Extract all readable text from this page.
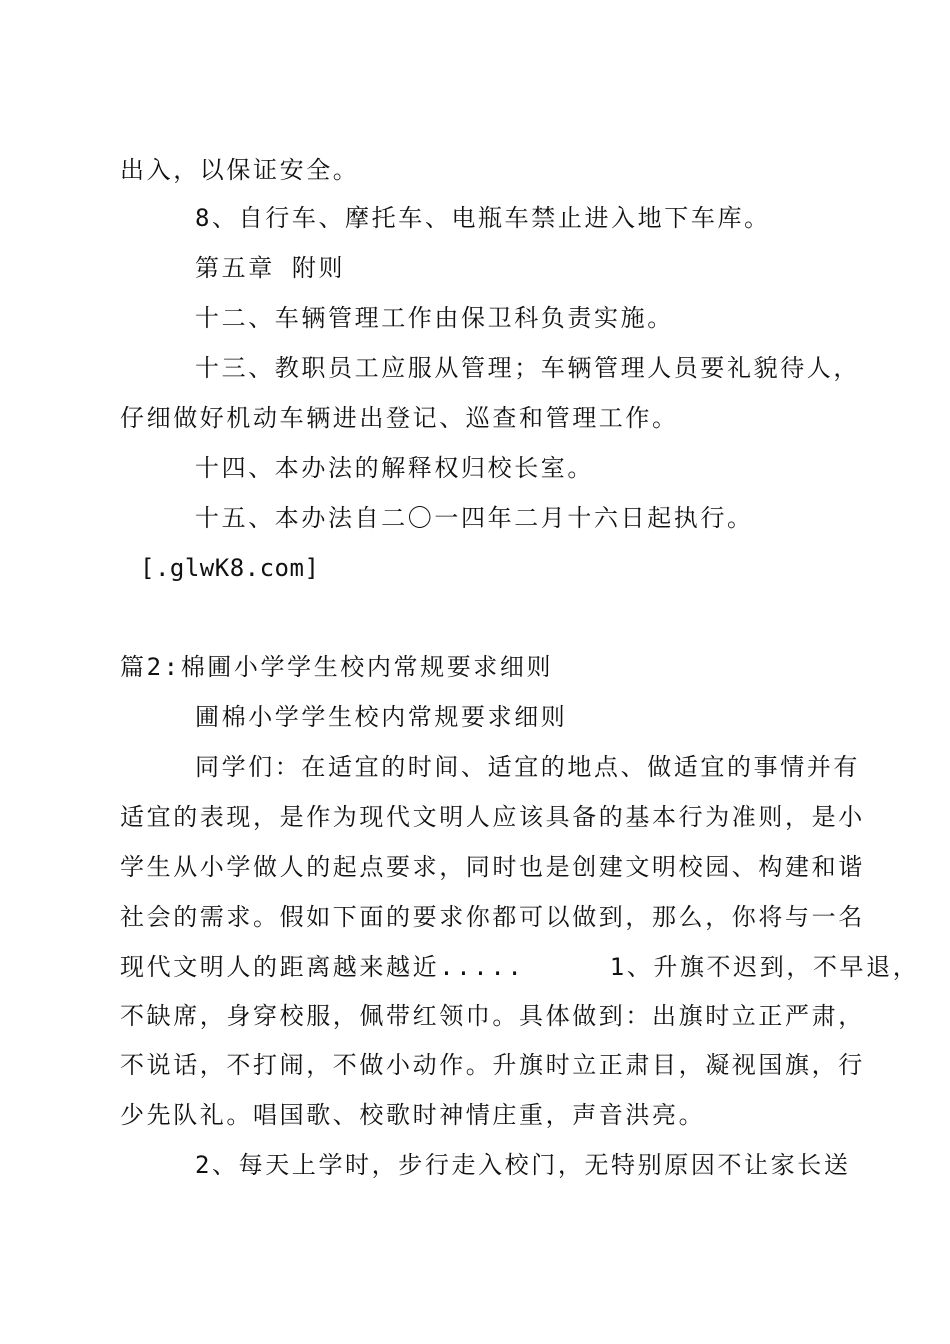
出入，以保证安全。
8、自行车、摩托车、电瓶车禁止进入地下车库。
第五章 附则
十二、车辆管理工作由保卫科负责实施。
十三、教职员工应服从管理；车辆管理人员要礼貌待人，
仔细做好机动车辆进出登记、巡查和管理工作。
十四、本办法的解释权归校长室。
十五、本办法自二〇一四年二月十六日起执行。
[.glwK8.com]
篇2:棉圃小学学生校内常规要求细则
圃棉小学学生校内常规要求细则
同学们：在适宜的时间、适宜的地点、做适宜的事情并有
适宜的表现，是作为现代文明人应该具备的基本行为准则，是小
学生从小学做人的起点要求，同时也是创建文明校园、构建和谐
社会的需求。假如下面的要求你都可以做到，那么，你将与一名
现代文明人的距离越来越近.....     1、升旗不迟到，不早退，
不缺席，身穿校服，佩带红领巾。具体做到：出旗时立正严肃，
不说话，不打闹，不做小动作。升旗时立正肃目，凝视国旗，行
少先队礼。唱国歌、校歌时神情庄重，声音洪亮。
2、每天上学时，步行走入校门，无特别原因不让家长送
